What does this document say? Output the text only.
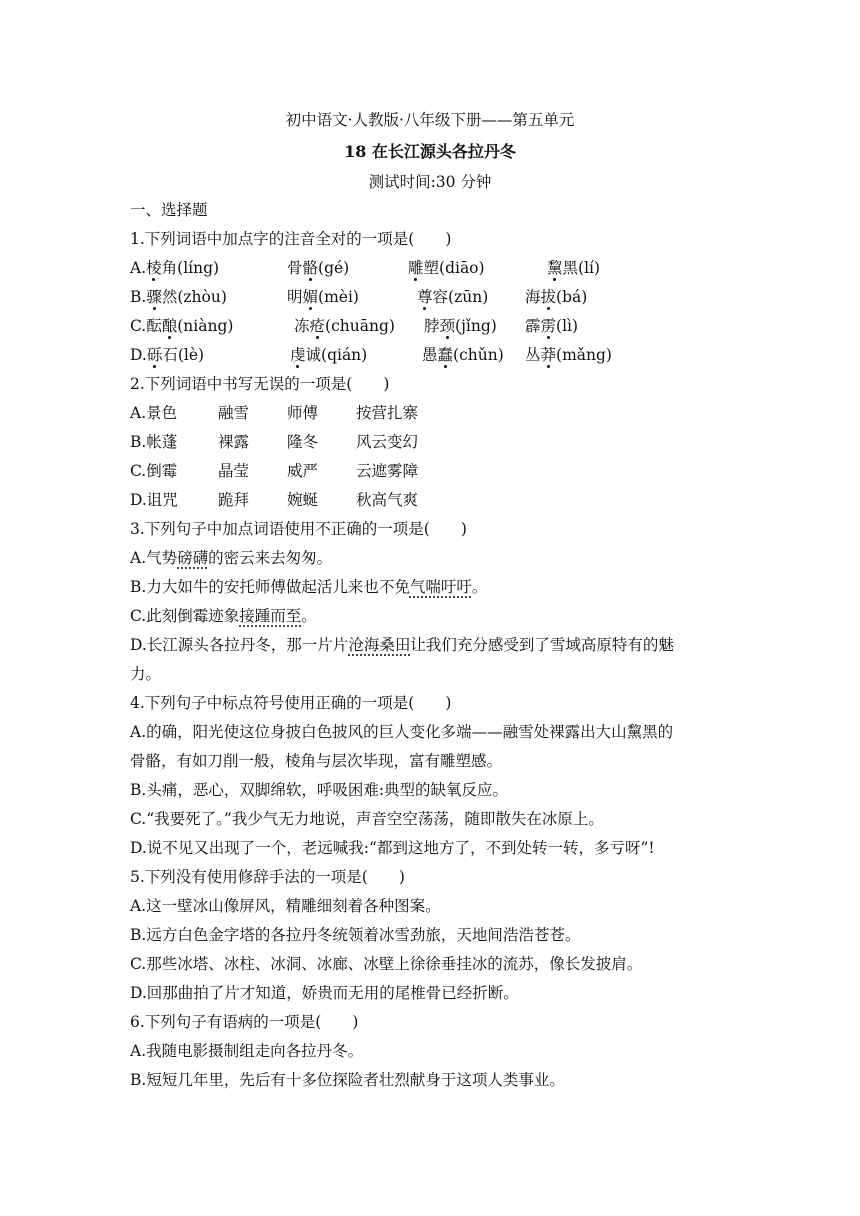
初中语文·人教版·八年级下册——第五单元
18 在长江源头各拉丹冬
测试时间:30 分钟
一、选择题
1.下列词语中加点字的注音全对的一项是(　　)
A.棱角(líng)	骨骼(gé)	雕塑(diāo)	黧黑(lí)
B.骤然(zhòu)	明媚(mèi)	尊容(zūn) 海拔(bá)
C.酝酿(niàng)	冻疮(chuāng) 脖颈(jǐng) 霹雳(lì)
D.砾石(lè)	虔诚(qián)	愚蠢(chǔn) 丛莽(mǎng)
2.下列词语中书写无误的一项是(　　)
A.景色	融雪 师傅 按营扎寨
B.帐蓬	裸露 隆冬 风云变幻
C.倒霉	晶莹 威严 云遮雾障
D.诅咒	跪拜 婉蜒 秋高气爽
3.下列句子中加点词语使用不正确的一项是(　　)
A.气势磅礴的密云来去匆匆。
B.力大如牛的安托师傅做起活儿来也不免气喘吁吁。
C.此刻倒霉迹象接踵而至。
D.长江源头各拉丹冬，那一片片沧海桑田让我们充分感受到了雪域高原特有的魅
力。
4.下列句子中标点符号使用正确的一项是(　　)
A.的确，阳光使这位身披白色披风的巨人变化多端——融雪处裸露出大山黧黑的
骨骼，有如刀削一般，棱角与层次毕现，富有雕塑感。
B.头痛，恶心，双脚绵软，呼吸困难:典型的缺氧反应。
C.“我要死了。”我少气无力地说，声音空空荡荡，随即散失在冰原上。
D.说不见又出现了一个，老远喊我:“都到这地方了，不到处转一转，多亏呀”!
5.下列没有使用修辞手法的一项是(　　)
A.这一壁冰山像屏风，精雕细刻着各种图案。
B.远方白色金字塔的各拉丹冬统领着冰雪劲旅，天地间浩浩苍苍。
C.那些冰塔、冰柱、冰洞、冰廊、冰壁上徐徐垂挂冰的流苏，像长发披肩。
D.回那曲拍了片才知道，娇贵而无用的尾椎骨已经折断。
6.下列句子有语病的一项是(　　)
A.我随电影摄制组走向各拉丹冬。
B.短短几年里，先后有十多位探险者壮烈献身于这项人类事业。
